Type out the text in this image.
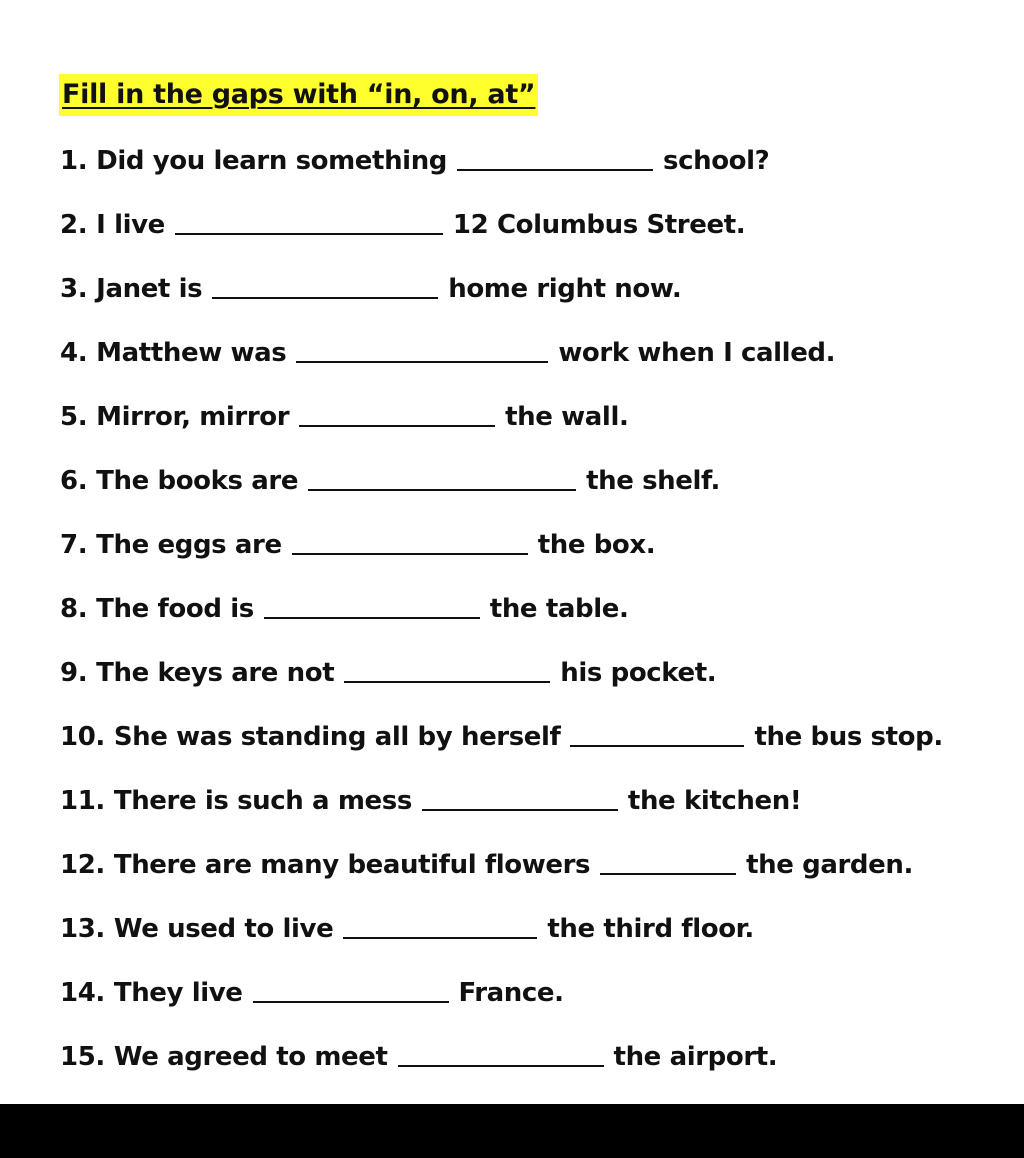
Fill in the gaps with “in, on, at”
1. Did you learn something	school?
2. I live	12 Columbus Street.
3. Janet is	home right now.
4. Matthew was	work when I called.
5. Mirror, mirror	the wall.
6. The books are	the shelf.
7. The eggs are	the box.
8. The food is	the table.
9. The keys are not	his pocket.
10. She was standing all by herself	the bus stop.
11. There is such a mess	the kitchen!
12. There are many beautiful flowers	the garden.
13. We used to live	the third floor.
14. They live	France.
15. We agreed to meet	the airport.
